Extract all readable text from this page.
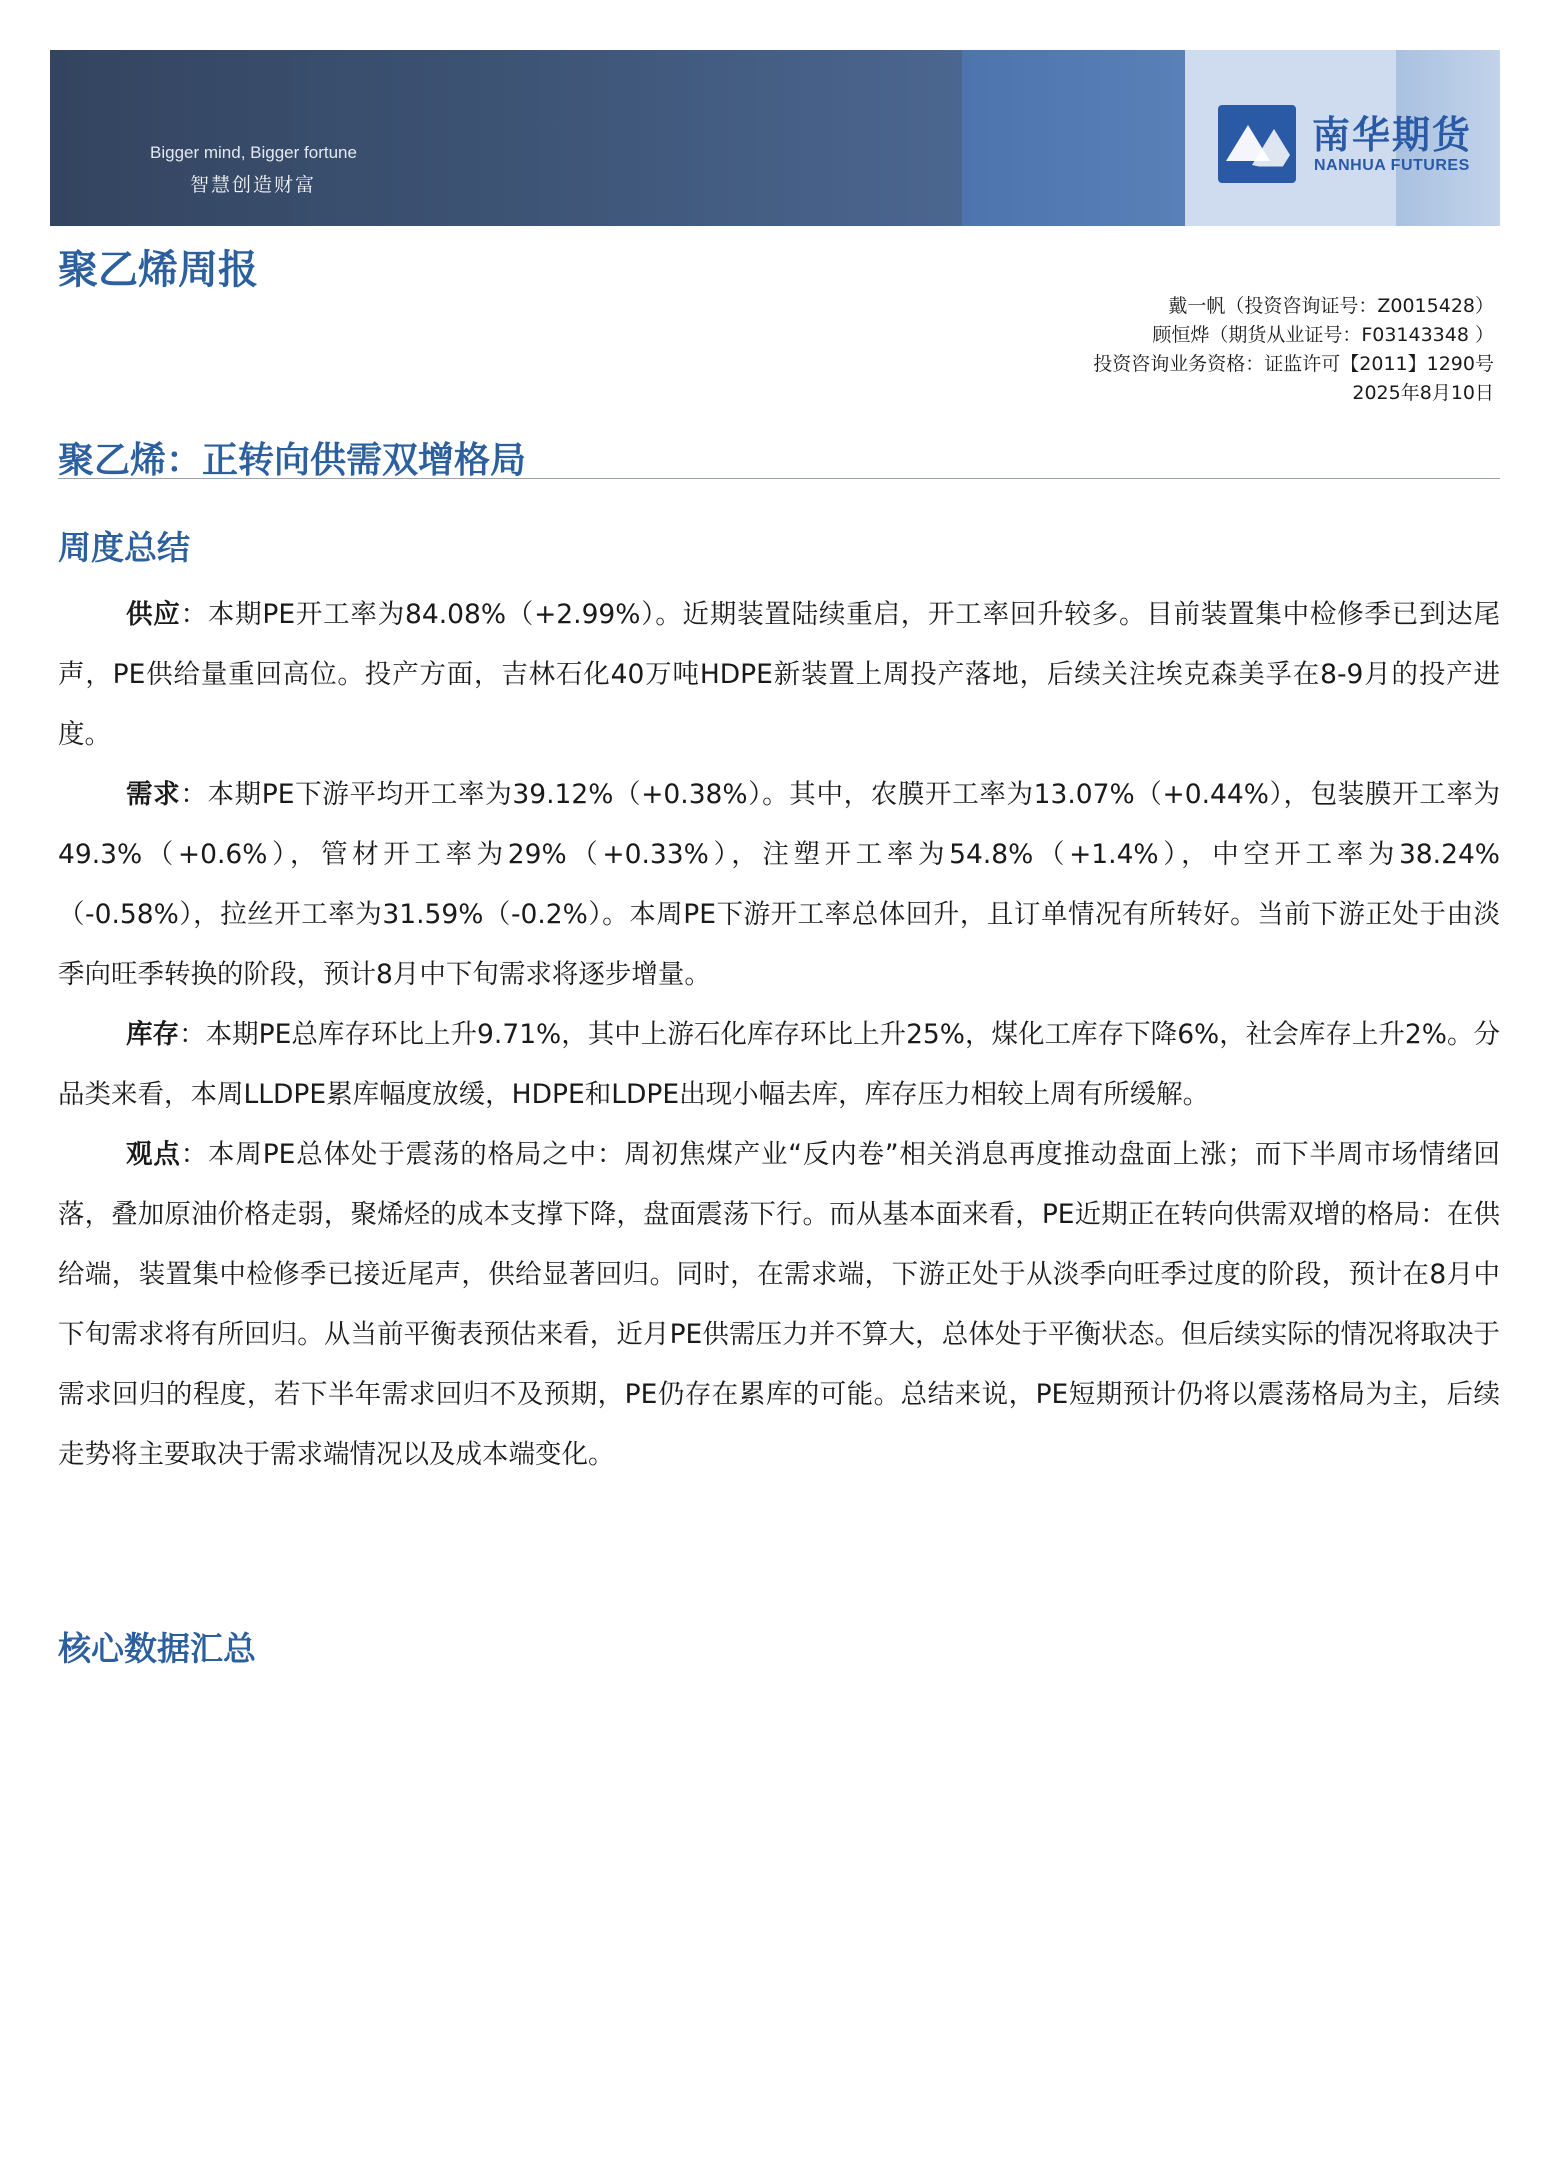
Bigger mind, Bigger fortune
智慧创造财富
南华期货
NANHUA FUTURES
聚乙烯周报
戴一帆（投资咨询证号：Z0015428）
顾恒烨（期货从业证号：F03143348 ）
投资咨询业务资格：证监许可【2011】1290号
2025年8月10日
聚乙烯：正转向供需双增格局
周度总结

供应：本期PE开工率为84.08%（+2.99%）。近期装置陆续重启，开工率回升较多。目前装置集中检修季已到达尾声，PE供给量重回高位。投产方面，吉林石化40万吨HDPE新装置上周投产落地，后续关注埃克森美孚在8-9月的投产进度。

需求：本期PE下游平均开工率为39.12%（+0.38%）。其中，农膜开工率为13.07%（+0.44%），包装膜开工率为49.3%（+0.6%），管材开工率为29%（+0.33%），注塑开工率为54.8%（+1.4%），中空开工率为38.24%（-0.58%），拉丝开工率为31.59%（-0.2%）。本周PE下游开工率总体回升，且订单情况有所转好。当前下游正处于由淡季向旺季转换的阶段，预计8月中下旬需求将逐步增量。

库存：本期PE总库存环比上升9.71%，其中上游石化库存环比上升25%，煤化工库存下降6%，社会库存上升2%。分品类来看，本周LLDPE累库幅度放缓，HDPE和LDPE出现小幅去库，库存压力相较上周有所缓解。

观点：本周PE总体处于震荡的格局之中：周初焦煤产业“反内卷”相关消息再度推动盘面上涨；而下半周市场情绪回落，叠加原油价格走弱，聚烯烃的成本支撑下降，盘面震荡下行。而从基本面来看，PE近期正在转向供需双增的格局：在供给端，装置集中检修季已接近尾声，供给显著回归。同时，在需求端，下游正处于从淡季向旺季过度的阶段，预计在8月中下旬需求将有所回归。从当前平衡表预估来看，近月PE供需压力并不算大，总体处于平衡状态。但后续实际的情况将取决于需求回归的程度，若下半年需求回归不及预期，PE仍存在累库的可能。总结来说，PE短期预计仍将以震荡格局为主，后续走势将主要取决于需求端情况以及成本端变化。

核心数据汇总
